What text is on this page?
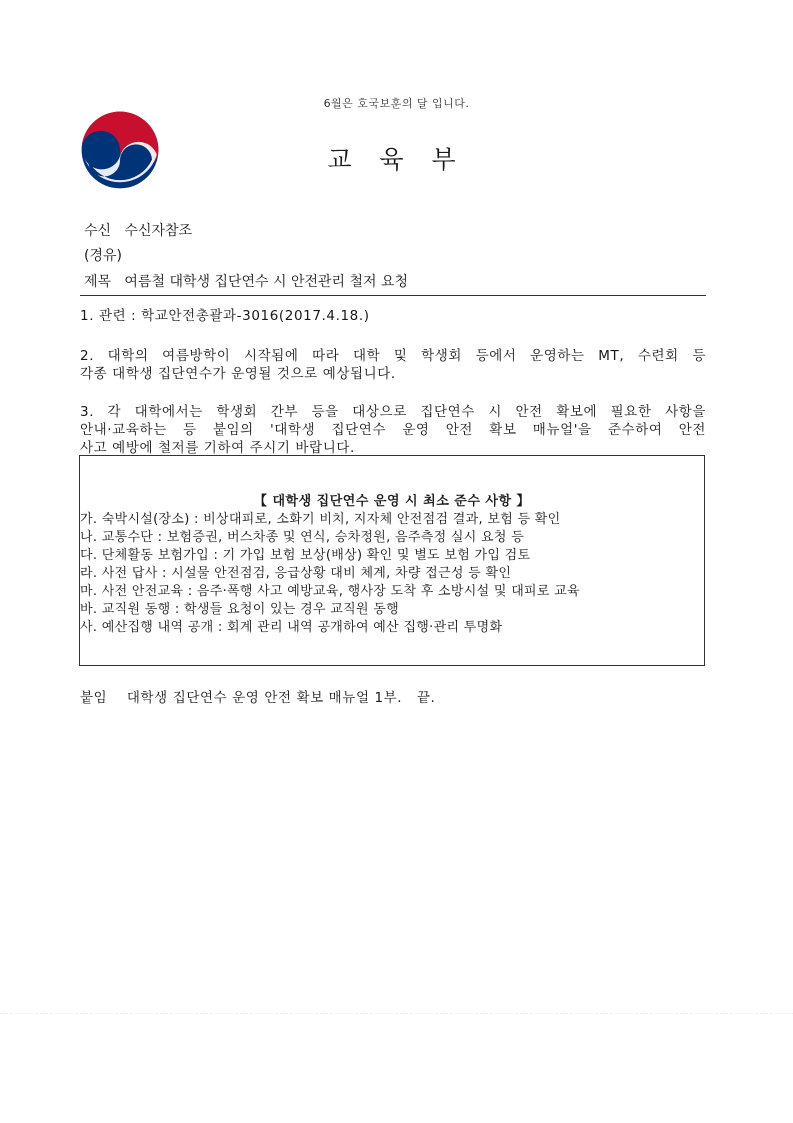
6월은 호국보훈의 달 입니다.
교 육 부
수신 수신자참조
(경유)
제목 여름철 대학생 집단연수 시 안전관리 철저 요청
1. 관련 : 학교안전총괄과-3016(2017.4.18.)
2. 대학의 여름방학이 시작됨에 따라 대학 및 학생회 등에서 운영하는 MT, 수련회 등
각종 대학생 집단연수가 운영될 것으로 예상됩니다.
3. 각 대학에서는 학생회 간부 등을 대상으로 집단연수 시 안전 확보에 필요한 사항을
안내·교육하는 등 붙임의 '대학생 집단연수 운영 안전 확보 매뉴얼'을 준수하여 안전
사고 예방에 철저를 기하여 주시기 바랍니다.
【 대학생 집단연수 운영 시 최소 준수 사항 】
가. 숙박시설(장소) : 비상대피로, 소화기 비치, 지자체 안전점검 결과, 보험 등 확인
나. 교통수단 : 보험증권, 버스차종 및 연식, 승차정원, 음주측정 실시 요청 등
다. 단체활동 보험가입 : 기 가입 보험 보상(배상) 확인 및 별도 보험 가입 검토
라. 사전 답사 : 시설물 안전점검, 응급상황 대비 체계, 차량 접근성 등 확인
마. 사전 안전교육 : 음주·폭행 사고 예방교육, 행사장 도착 후 소방시설 및 대피로 교육
바. 교직원 동행 : 학생들 요청이 있는 경우 교직원 동행
사. 예산집행 내역 공개 : 회계 관리 내역 공개하여 예산 집행·관리 투명화
붙임 대학생 집단연수 운영 안전 확보 매뉴얼 1부. 끝.
